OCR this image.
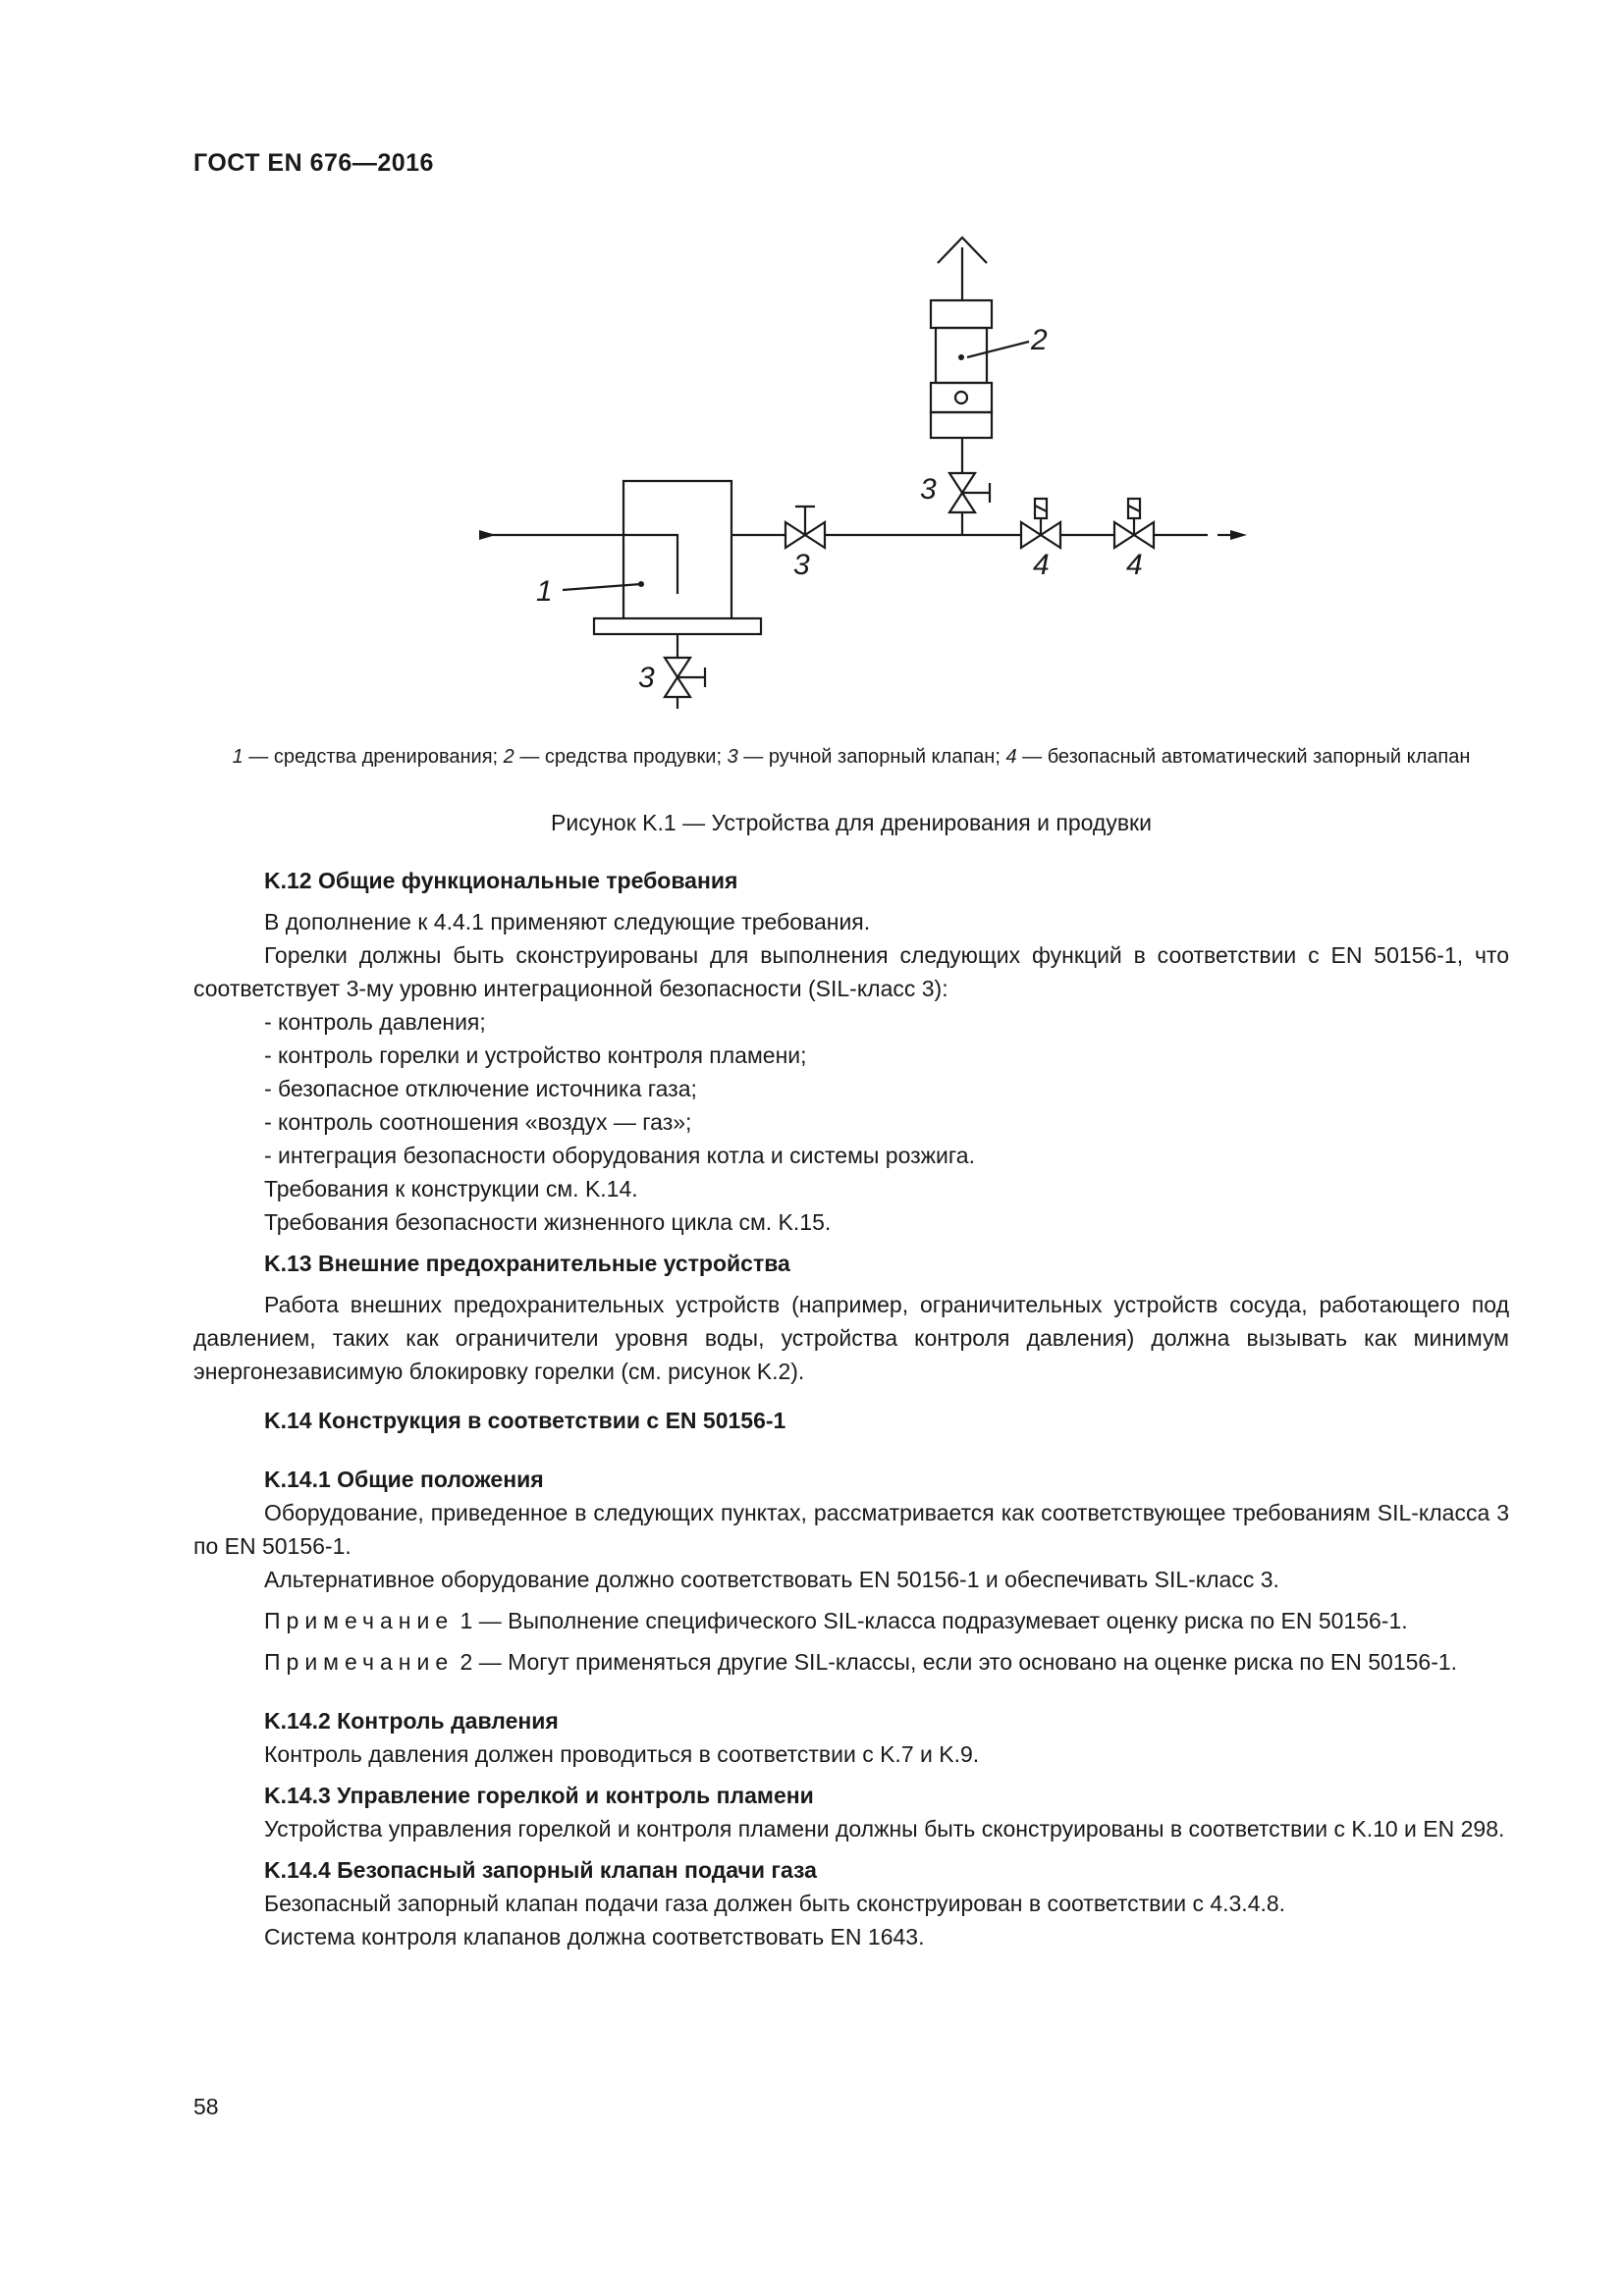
ГОСТ EN 676—2016
1
2
3
3
3
4	4
1 — средства дренирования; 2 — средства продувки; 3 — ручной запорный клапан; 4 — безопасный автоматический запорный клапан
Рисунок K.1 — Устройства для дренирования и продувки
K.12 Общие функциональные требования

В дополнение к 4.4.1 применяют следующие требования.

Горелки должны быть сконструированы для выполнения следующих функций в соответствии с EN 50156-1, что соответствует 3-му уровню интеграционной безопасности (SIL-класс 3):

- контроль давления;
- контроль горелки и устройство контроля пламени;
- безопасное отключение источника газа;
- контроль соотношения «воздух — газ»;
- интеграция безопасности оборудования котла и системы розжига.

Требования к конструкции см. K.14.

Требования безопасности жизненного цикла см. K.15.

K.13 Внешние предохранительные устройства

Работа внешних предохранительных устройств (например, ограничительных устройств сосуда, работающего под давлением, таких как ограничители уровня воды, устройства контроля давления) должна вызывать как минимум энергонезависимую блокировку горелки (см. рисунок K.2).

K.14 Конструкция в соответствии с EN 50156-1
K.14.1 Общие положения

Оборудование, приведенное в следующих пунктах, рассматривается как соответствующее требованиям SIL-класса 3 по EN 50156-1.

Альтернативное оборудование должно соответствовать EN 50156-1 и обеспечивать SIL-класс 3.

Примечание 1 — Выполнение специфического SIL-класса подразумевает оценку риска по EN 50156-1.

Примечание 2 — Могут применяться другие SIL-классы, если это основано на оценке риска по EN 50156-1.

K.14.2 Контроль давления

Контроль давления должен проводиться в соответствии с K.7 и K.9.

K.14.3 Управление горелкой и контроль пламени

Устройства управления горелкой и контроля пламени должны быть сконструированы в соответствии с K.10 и EN 298.

K.14.4 Безопасный запорный клапан подачи газа

Безопасный запорный клапан подачи газа должен быть сконструирован в соответствии с 4.3.4.8.

Система контроля клапанов должна соответствовать EN 1643.

58
